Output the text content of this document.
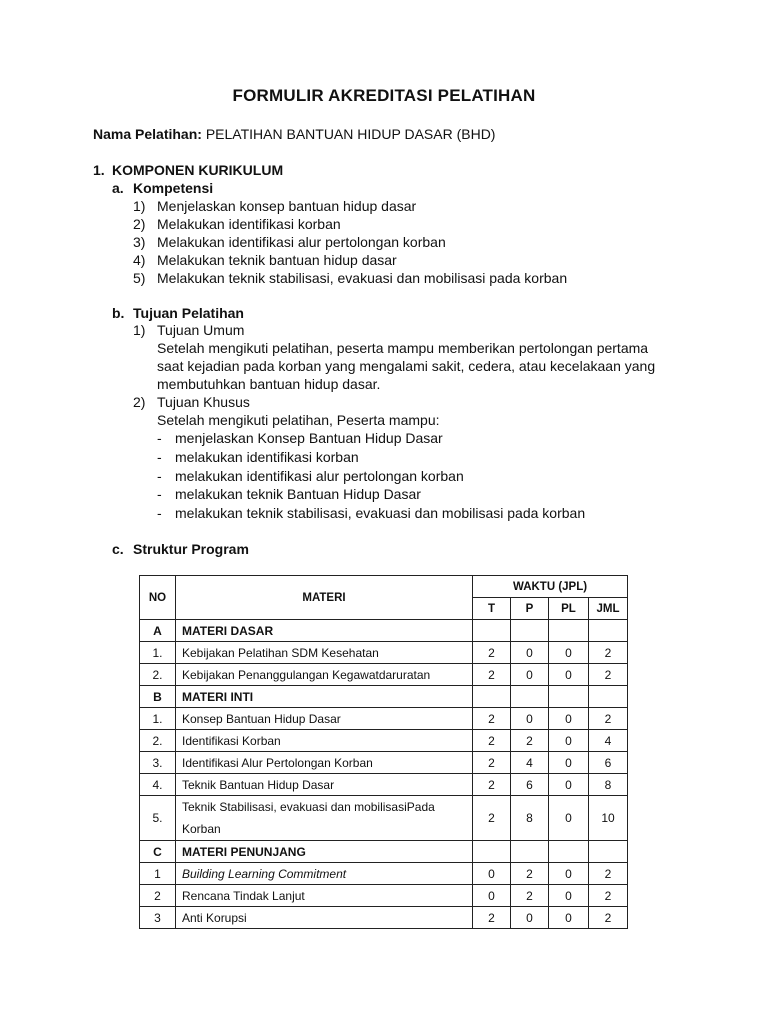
FORMULIR AKREDITASI PELATIHAN
Nama Pelatihan: PELATIHAN BANTUAN HIDUP DASAR (BHD)
1. KOMPONEN KURIKULUM
a. Kompetensi
1) Menjelaskan konsep bantuan hidup dasar
2) Melakukan identifikasi korban
3) Melakukan identifikasi alur pertolongan korban
4) Melakukan teknik bantuan hidup dasar
5) Melakukan teknik stabilisasi, evakuasi dan mobilisasi pada korban
b. Tujuan Pelatihan
1) Tujuan Umum
Setelah mengikuti pelatihan, peserta mampu memberikan pertolongan pertama
saat kejadian pada korban yang mengalami sakit, cedera, atau kecelakaan yang
membutuhkan bantuan hidup dasar.
2) Tujuan Khusus
Setelah mengikuti pelatihan, Peserta mampu:
- menjelaskan Konsep Bantuan Hidup Dasar
- melakukan identifikasi korban
- melakukan identifikasi alur pertolongan korban
- melakukan teknik Bantuan Hidup Dasar
- melakukan teknik stabilisasi, evakuasi dan mobilisasi pada korban
c. Struktur Program
NO	MATERI	WAKTU (JPL)			
		T	P	PL	JML
A	MATERI DASAR				
1.	Kebijakan Pelatihan SDM Kesehatan	2	0	0	2
2.	Kebijakan Penanggulangan Kegawatdaruratan	2	0	0	2
B	MATERI INTI				
1.	Konsep Bantuan Hidup Dasar	2	0	0	2
2.	Identifikasi Korban	2	2	0	4
3.	Identifikasi Alur Pertolongan Korban	2	4	0	6
4.	Teknik Bantuan Hidup Dasar	2	6	0	8
5.	Teknik Stabilisasi, evakuasi dan mobilisasiPada Korban	2	8	0	10
C	MATERI PENUNJANG				
1	Building Learning Commitment	0	2	0	2
2	Rencana Tindak Lanjut	0	2	0	2
3	Anti Korupsi	2	0	0	2
